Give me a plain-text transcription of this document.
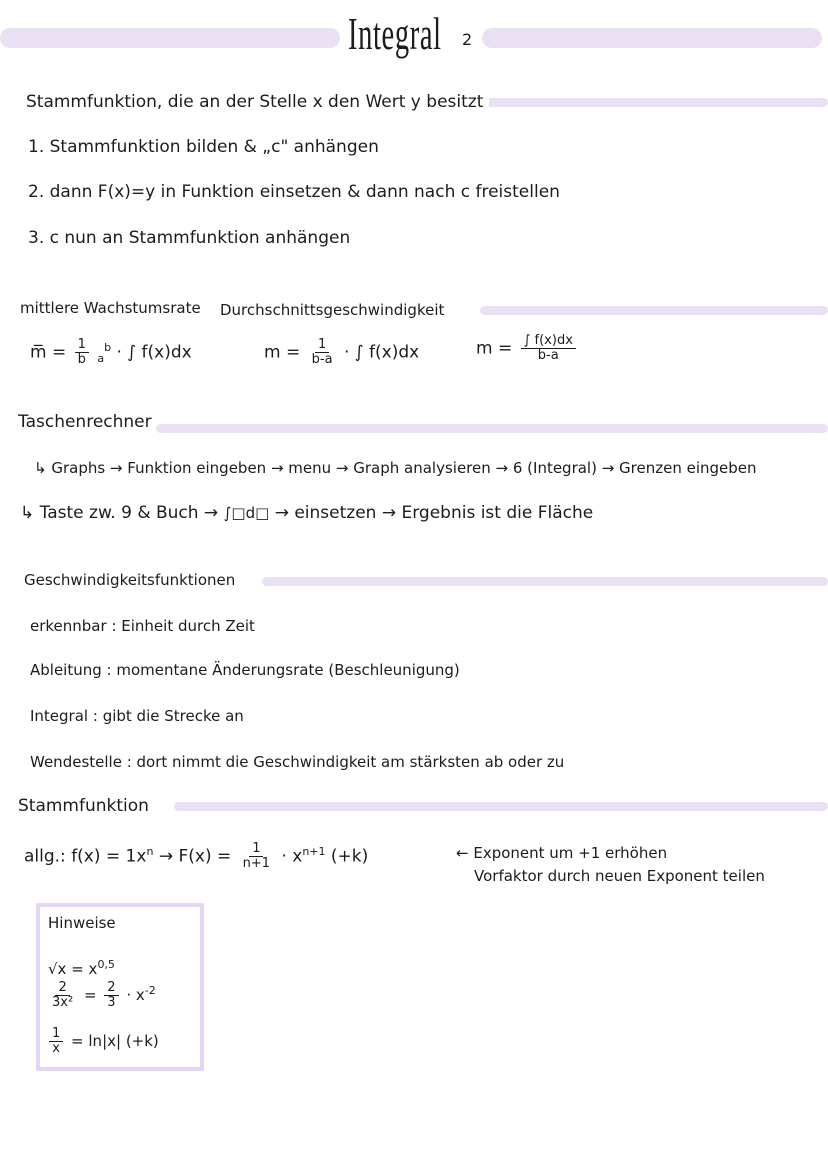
Integral 2
Stammfunktion, die an der Stelle x den Wert y besitzt
1. Stammfunktion bilden & „c" anhängen
2. dann F(x)=y in Funktion einsetzen & dann nach c freistellen
3. c nun an Stammfunktion anhängen
mittlere Wachstumsrate Durchschnittsgeschwindigkeit
m̅ = $\frac{1}{b} _a^b$ · ∫ f(x)dx	$m = \frac{1}{b-a}$ · ∫ f(x)dx	$m = \frac{\int f(x)dx}{b-a}$
Taschenrechner
↳ Graphs → Funktion eingeben → menu → Graph analysieren → 6 (Integral) → Grenzen eingeben
↳ Taste zw. 9 & Buch → ∫□d□ → einsetzen → Ergebnis ist die Fläche
Geschwindigkeitsfunktionen
erkennbar : Einheit durch Zeit
Ableitung : momentane Änderungsrate (Beschleunigung)
Integral : gibt die Strecke an
Wendestelle : dort nimmt die Geschwindigkeit am stärksten ab oder zu
Stammfunktion
allg.: $f(x) = 1x^n \to F(x) = \frac{1}{n+1} \cdot x^{n+1}$ (+k)	← Exponent um +1 erhöhen
Vorfaktor durch neuen Exponent teilen
Hinweise
$√x = x^{0,5}$
$\frac{2}{\text{3x²}} = \frac{2}{3} \cdot x^{-2}$
$\frac{1}{x} = \ln|x|$ (+k)
